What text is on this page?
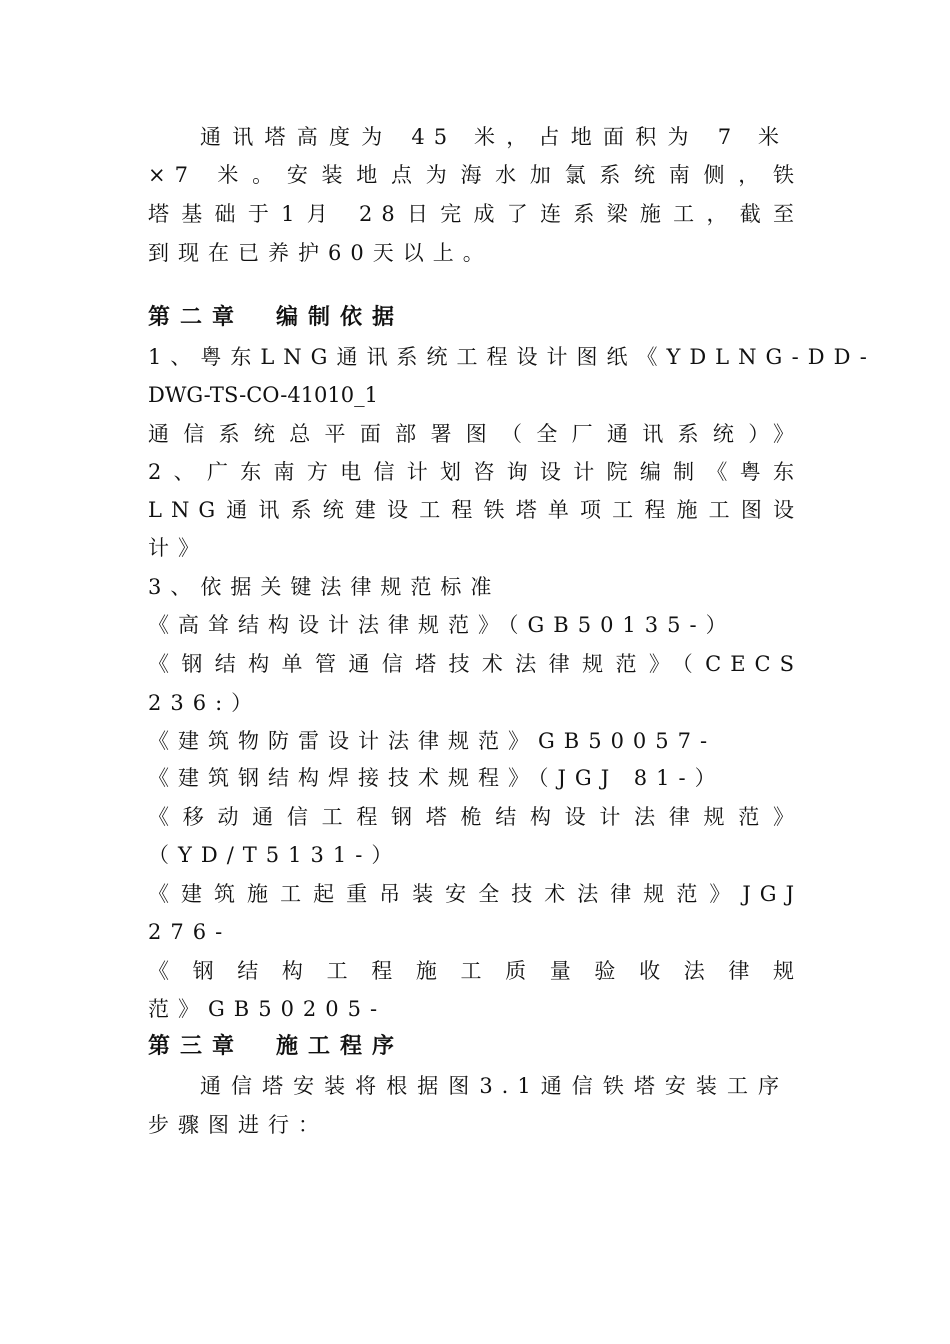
通讯塔高度为 45 米，占地面积为 7 米
×7 米。安装地点为海水加氯系统南侧，铁
塔基础于1月 28日完成了连系梁施工，截至
到现在已养护60天以上。
第二章　编制依据
1、粤东LNG通讯系统工程设计图纸《YDLNG-DD-
DWG-TS-CO-41010_1
通信系统总平面部署图（全厂通讯系统）》
2、广东南方电信计划咨询设计院编制《粤东
LNG通讯系统建设工程铁塔单项工程施工图设
计》
3、依据关键法律规范标准
《高耸结构设计法律规范》（GB50135-）
《钢结构单管通信塔技术法律规范》（CECS
236:）
《建筑物防雷设计法律规范》GB50057-
《建筑钢结构焊接技术规程》（JGJ 81-）
《移动通信工程钢塔桅结构设计法律规范》
（YD/T5131-）
《建筑施工起重吊装安全技术法律规范》JGJ
276-
《钢结构工程施工质量验收法律规
范》GB50205-
第三章　施工程序
通信塔安装将根据图3.1通信铁塔安装工序
步骤图进行：
